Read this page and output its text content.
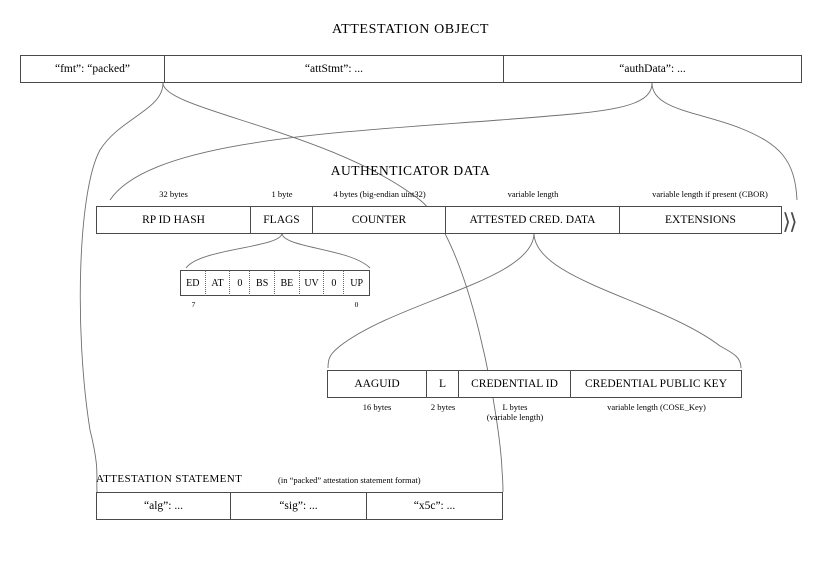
ATTESTATION OBJECT
“fmt”: “packed”	“attStmt”: ...	“authData”: ...
AUTHENTICATOR DATA
32 bytes	1 byte	4 bytes (big-endian uint32)	variable length	variable length if present (CBOR)
RP ID HASH	FLAGS	COUNTER	ATTESTED CRED. DATA	EXTENSIONS	⟩⟩
ED	AT	0	BS	BE	UV	0	UP
7	0
AAGUID	L	CREDENTIAL ID	CREDENTIAL PUBLIC KEY
16 bytes	2 bytes	L bytes
(variable length)
variable length (COSE_Key)
ATTESTATION STATEMENT	(in “packed” attestation statement format)
“alg”: ...	“sig”: ...	“x5c”: ...
